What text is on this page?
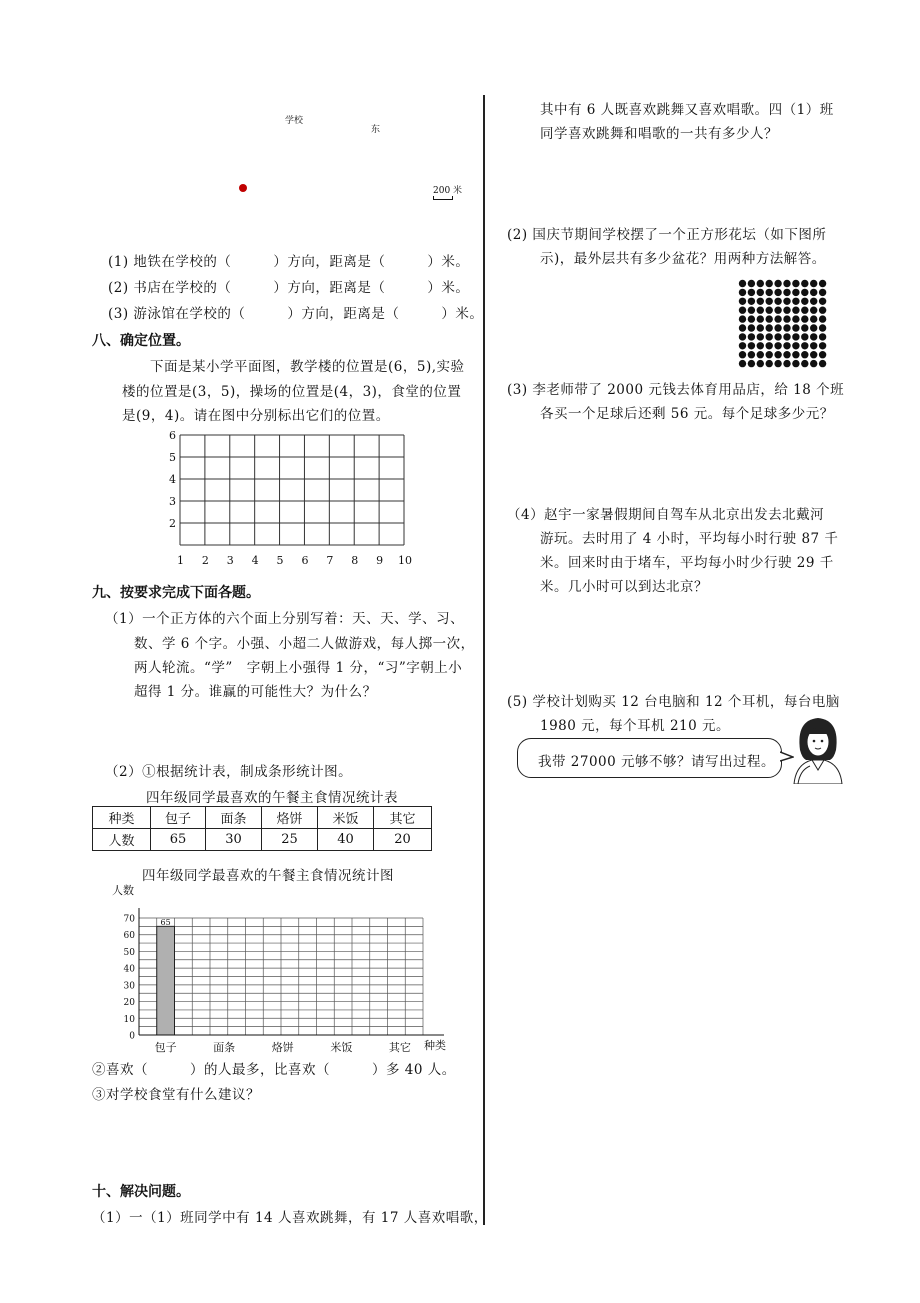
学校
东
200 米
(1) 地铁在学校的（　　　）方向，距离是（　　　）米。
(2) 书店在学校的（　　　）方向，距离是（　　　）米。
(3) 游泳馆在学校的（　　　）方向，距离是（　　　）米。
八、确定位置。
下面是某小学平面图，教学楼的位置是(6，5),实验
楼的位置是(3，5)，操场的位置是(4，3)，食堂的位置
是(9，4)。请在图中分别标出它们的位置。
6
5
4
3
2
1 2 3 4 5 6 7 8 9 10
九、按要求完成下面各题。
（1）一个正方体的六个面上分别写着：天、天、学、习、
数、学 6 个字。小强、小超二人做游戏，每人掷一次，
两人轮流。“学”　字朝上小强得 1 分，“习”字朝上小
超得 1 分。谁赢的可能性大？为什么？
（2）①根据统计表，制成条形统计图。
四年级同学最喜欢的午餐主食情况统计表
种类	包子	面条	烙饼	米饭	其它
人数	65	30	25	40	20
四年级同学最喜欢的午餐主食情况统计图
70
60
50
40
30
20
10
0
人数
种类
包子
65
面条	烙饼	米饭	其它
②喜欢（　　　）的人最多，比喜欢（　　　）多 40 人。
③对学校食堂有什么建议？
十、解决问题。
（1）一（1）班同学中有 14 人喜欢跳舞，有 17 人喜欢唱歌，
其中有 6 人既喜欢跳舞又喜欢唱歌。四（1）班
同学喜欢跳舞和唱歌的一共有多少人？
(2) 国庆节期间学校摆了一个正方形花坛（如下图所
示)，最外层共有多少盆花？用两种方法解答。
(3) 李老师带了 2000 元钱去体育用品店，给 18 个班
各买一个足球后还剩 56 元。每个足球多少元？
（4）赵宇一家暑假期间自驾车从北京出发去北戴河
游玩。去时用了 4 小时，平均每小时行驶 87 千
米。回来时由于堵车，平均每小时少行驶 29 千
米。几小时可以到达北京？
(5) 学校计划购买 12 台电脑和 12 个耳机，每台电脑
1980 元，每个耳机 210 元。
我带 27000 元够不够？请写出过程。
